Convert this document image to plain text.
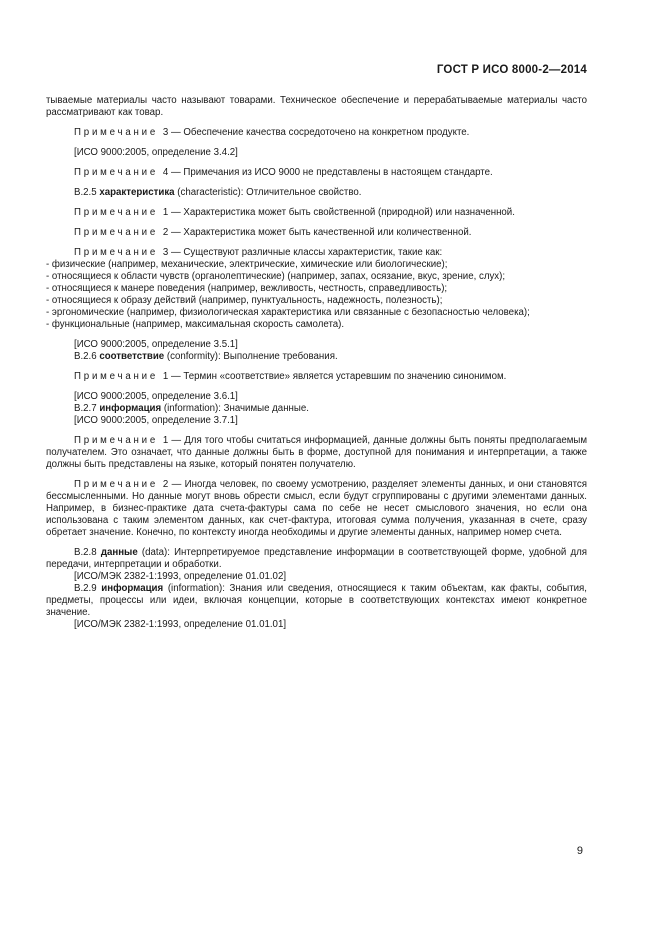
ГОСТ Р ИСО 8000-2—2014

тываемые материалы часто называют товарами. Техническое обеспечение и перерабатываемые материалы часто рассматривают как товар.

Примечание 3 — Обеспечение качества сосредоточено на конкретном продукте.

[ИСО 9000:2005, определение 3.4.2]

Примечание 4 — Примечания из ИСО 9000 не представлены в настоящем стандарте.

В.2.5 характеристика (characteristic): Отличительное свойство.

Примечание 1 — Характеристика может быть свойственной (природной) или назначенной.

Примечание 2 — Характеристика может быть качественной или количественной.

Примечание 3 — Существуют различные классы характеристик, такие как:

- физические (например, механические, электрические, химические или биологические);

- относящиеся к области чувств (органолептические) (например, запах, осязание, вкус, зрение, слух);

- относящиеся к манере поведения (например, вежливость, честность, справедливость);

- относящиеся к образу действий (например, пунктуальность, надежность, полезность);

- эргономические (например, физиологическая характеристика или связанные с безопасностью человека);

- функциональные (например, максимальная скорость самолета).

[ИСО 9000:2005, определение 3.5.1]

В.2.6 соответствие (conformity): Выполнение требования.

Примечание 1 — Термин «соответствие» является устаревшим по значению синонимом.

[ИСО 9000:2005, определение 3.6.1]

В.2.7 информация (information): Значимые данные.

[ИСО 9000:2005, определение 3.7.1]

Примечание 1 — Для того чтобы считаться информацией, данные должны быть поняты предполагаемым получателем. Это означает, что данные должны быть в форме, доступной для понимания и интерпретации, а также должны быть представлены на языке, который понятен получателю.

Примечание 2 — Иногда человек, по своему усмотрению, разделяет элементы данных, и они становятся бессмысленными. Но данные могут вновь обрести смысл, если будут сгруппированы с другими элементами данных. Например, в бизнес-практике дата счета-фактуры сама по себе не несет смыслового значения, но если она использована с таким элементом данных, как счет-фактура, итоговая сумма получения, указанная в счете, сразу обретает значение. Конечно, по контексту иногда необходимы и другие элементы данных, например номер счета.

В.2.8 данные (data): Интерпретируемое представление информации в соответствующей форме, удобной для передачи, интерпретации и обработки.

[ИСО/МЭК 2382-1:1993, определение 01.01.02]

В.2.9 информация (information): Знания или сведения, относящиеся к таким объектам, как факты, события, предметы, процессы или идеи, включая концепции, которые в соответствующих контекстах имеют конкретное значение.

[ИСО/МЭК 2382-1:1993, определение 01.01.01]

9
